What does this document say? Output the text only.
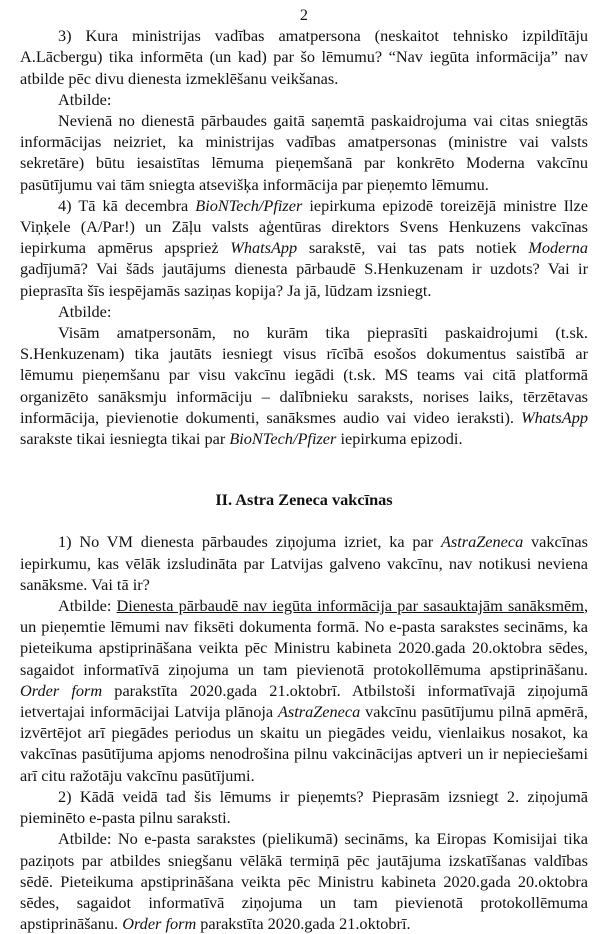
2

3) Kura ministrijas vadības amatpersona (neskaitot tehnisko izpildītāju A.Lācbergu) tika informēta (un kad) par šo lēmumu? “Nav iegūta informācija” nav atbilde pēc divu dienesta izmeklēšanu veikšanas.

Atbilde:

Nevienā no dienestā pārbaudes gaitā saņemtā paskaidrojuma vai citas sniegtās informācijas neizriet, ka ministrijas vadības amatpersonas (ministre vai valsts sekretāre) būtu iesaistītas lēmuma pieņemšanā par konkrēto Moderna vakcīnu pasūtījumu vai tām sniegta atsevišķa informācija par pieņemto lēmumu.

4) Tā kā decembra BioNTech/Pfizer iepirkuma epizodē toreizējā ministre Ilze Viņķele (A/Par!) un Zāļu valsts aģentūras direktors Svens Henkuzens vakcīnas iepirkuma apmērus apsprież WhatsApp sarakstē, vai tas pats notiek Moderna gadījumā? Vai šāds jautājums dienesta pārbaudē S.Henkuzenam ir uzdots? Vai ir pieprasīta šīs iespējamās saziņas kopija? Ja jā, lūdzam izsniegt.

Atbilde:

Visām amatpersonām, no kurām tika pieprasīti paskaidrojumi (t.sk. S.Henkuzenam) tika jautāts iesniegt visus rīcībā esošos dokumentus saistībā ar lēmumu pieņemšanu par visu vakcīnu iegādi (t.sk. MS teams vai citā platformā organizēto sanāksmju informāciju – dalībnieku saraksts, norises laiks, tērzētavas informācija, pievienotie dokumenti, sanāksmes audio vai video ieraksti). WhatsApp sarakste tikai iesniegta tikai par BioNTech/Pfizer iepirkuma epizodi.

II. Astra Zeneca vakcīnas

1) No VM dienesta pārbaudes ziņojuma izriet, ka par AstraZeneca vakcīnas iepirkumu, kas vēlāk izsludināta par Latvijas galveno vakcīnu, nav notikusi neviena sanāksme. Vai tā ir?

Atbilde: Dienesta pārbaudē nav iegūta informācija par sasauktajām sanāksmēm, un pieņemtie lēmumi nav fiksēti dokumenta formā. No e-pasta sarakstes secināms, ka pieteikuma apstiprināšana veikta pēc Ministru kabineta 2020.gada 20.oktobra sēdes, sagaidot informatīvā ziņojuma un tam pievienotā protokollēmuma apstiprināšanu. Order form parakstīta 2020.gada 21.oktobrī. Atbilstoši informatīvajā ziņojumā ietvertajai informācijai Latvija plānoja AstraZeneca vakcīnu pasūtījumu pilnā apmērā, izvērtējot arī piegādes periodus un skaitu un piegādes veidu, vienlaikus nosakot, ka vakcīnas pasūtījuma apjoms nenodrošina pilnu vakcinācijas aptveri un ir nepieciešami arī citu ražotāju vakcīnu pasūtījumi.

2) Kādā veidā tad šis lēmums ir pieņemts? Pieprasām izsniegt 2. ziņojumā pieminēto e-pasta pilnu saraksti.

Atbilde: No e-pasta sarakstes (pielikumā) secināms, ka Eiropas Komisijai tika paziņots par atbildes sniegšanu vēlākā termiņā pēc jautājuma izskatīšanas valdības sēdē. Pieteikuma apstiprināšana veikta pēc Ministru kabineta 2020.gada 20.oktobra sēdes, sagaidot informatīvā ziņojuma un tam pievienotā protokollēmuma apstiprināšanu. Order form parakstīta 2020.gada 21.oktobrī.
